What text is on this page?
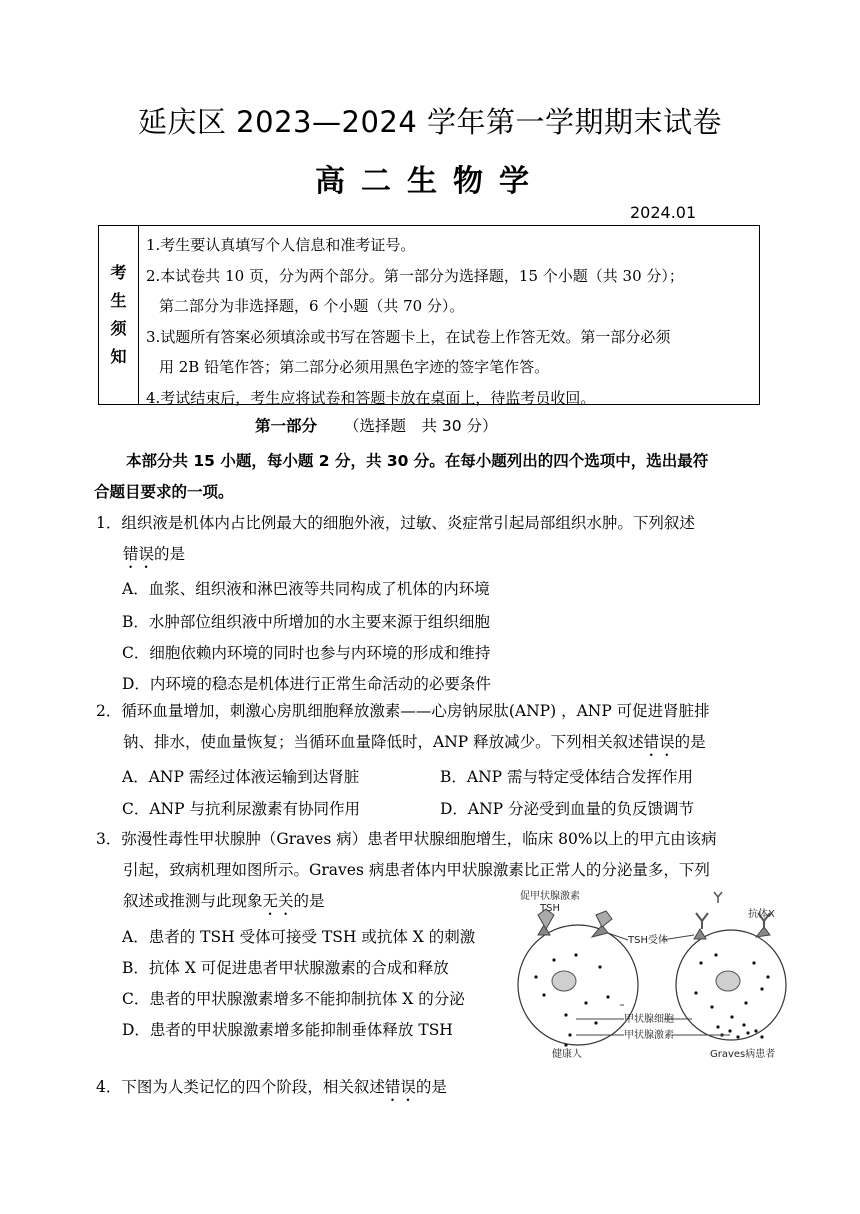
延庆区 2023—2024 学年第一学期期末试卷
高二生物学
2024.01
考
生
须
知
1.考生要认真填写个人信息和准考证号。
2.本试卷共 10 页，分为两个部分。第一部分为选择题，15 个小题（共 30 分）；
第二部分为非选择题，6 个小题（共 70 分）。
3.试题所有答案必须填涂或书写在答题卡上，在试卷上作答无效。第一部分必须
用 2B 铅笔作答；第二部分必须用黑色字迹的签字笔作答。
4.考试结束后，考生应将试卷和答题卡放在桌面上，待监考员收回。
第一部分 （选择题　共 30 分）
本部分共 15 小题，每小题 2 分，共 30 分。在每小题列出的四个选项中，选出最符
合题目要求的一项。
1．组织液是机体内占比例最大的细胞外液，过敏、炎症常引起局部组织水肿。下列叙述
错误的是
A．血浆、组织液和淋巴液等共同构成了机体的内环境
B．水肿部位组织液中所增加的水主要来源于组织细胞
C．细胞依赖内环境的同时也参与内环境的形成和维持
D．内环境的稳态是机体进行正常生命活动的必要条件
2．循环血量增加，刺激心房肌细胞释放激素——心房钠尿肽(ANP) ，ANP 可促进肾脏排
钠、排水，使血量恢复；当循环血量降低时，ANP 释放减少。下列相关叙述错误的是
A．ANP 需经过体液运输到达肾脏	B．ANP 需与特定受体结合发挥作用
C．ANP 与抗利尿激素有协同作用	D．ANP 分泌受到血量的负反馈调节
3．弥漫性毒性甲状腺肿（Graves 病）患者甲状腺细胞增生，临床 80%以上的甲亢由该病
引起，致病机理如图所示。Graves 病患者体内甲状腺激素比正常人的分泌量多，下列
叙述或推测与此现象无关的是
A．患者的 TSH 受体可接受 TSH 或抗体 X 的刺激
B．抗体 X 可促进患者甲状腺激素的合成和释放
C．患者的甲状腺激素增多不能抑制抗体 X 的分泌
D．患者的甲状腺激素增多能抑制垂体释放 TSH
促甲状腺激素
TSH
抗体X
TSH受体
甲状腺细胞
甲状腺激素
健康人	Graves病患者
4．下图为人类记忆的四个阶段，相关叙述错误的是
